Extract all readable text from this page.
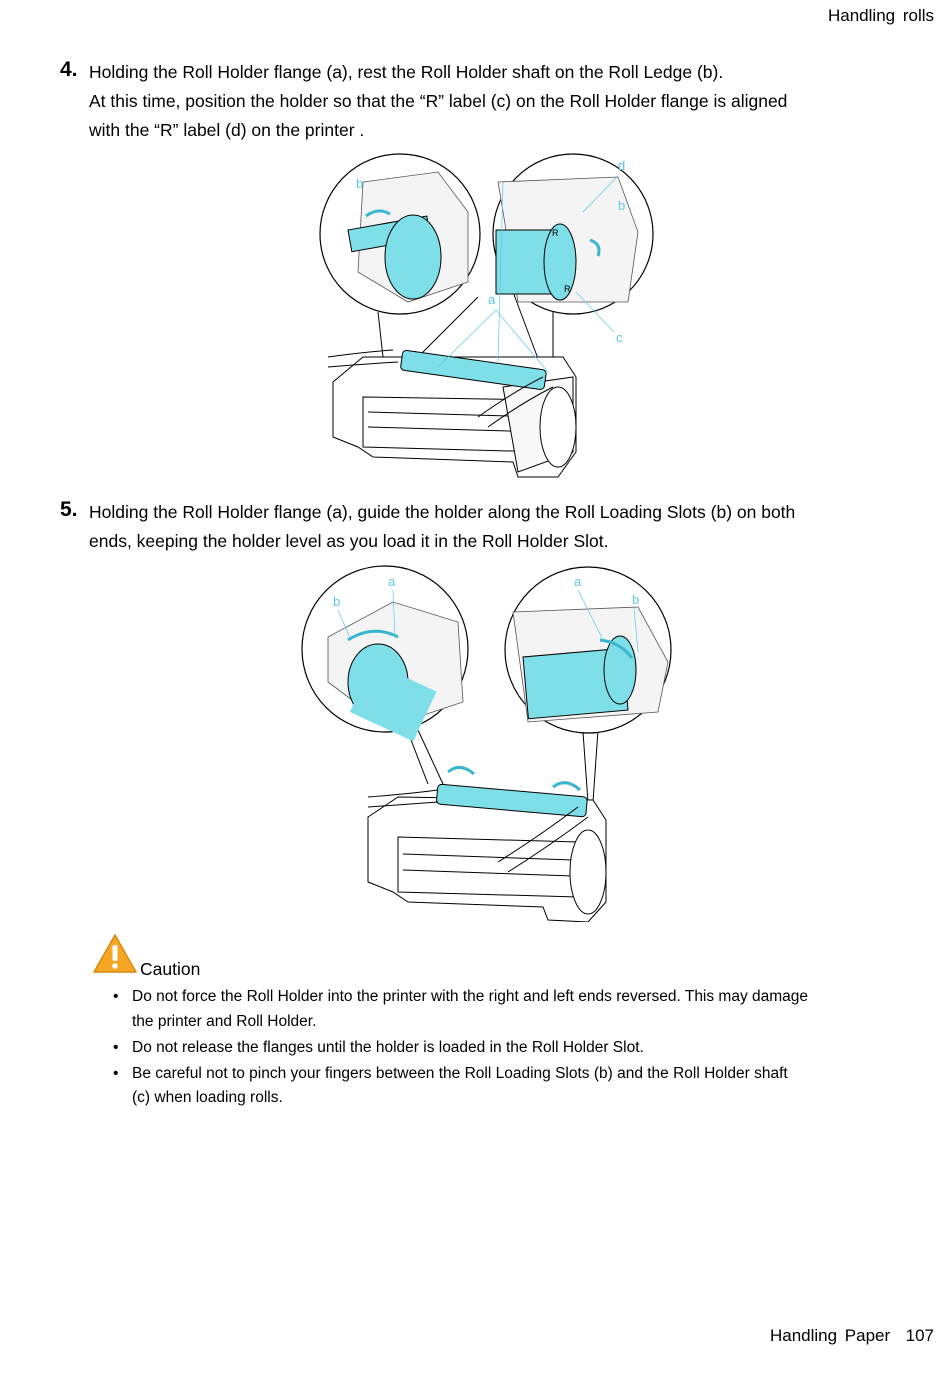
Handling rolls
4. Holding the Roll Holder flange (a), rest the Roll Holder shaft on the Roll Ledge (b).
At this time, position the holder so that the “R” label (c) on the Roll Holder flange is aligned
with the “R” label (d) on the printer .
b
d
b
a
c
R
R
5. Holding the Roll Holder flange (a), guide the holder along the Roll Loading Slots (b) on both
ends, keeping the holder level as you load it in the Roll Holder Slot.
a
b
a
b
Caution
• Do not force the Roll Holder into the printer with the right and left ends reversed. This may damage
the printer and Roll Holder.
• Do not release the flanges until the holder is loaded in the Roll Holder Slot.
• Be careful not to pinch your fingers between the Roll Loading Slots (b) and the Roll Holder shaft
(c) when loading rolls.
Handling Paper 107
